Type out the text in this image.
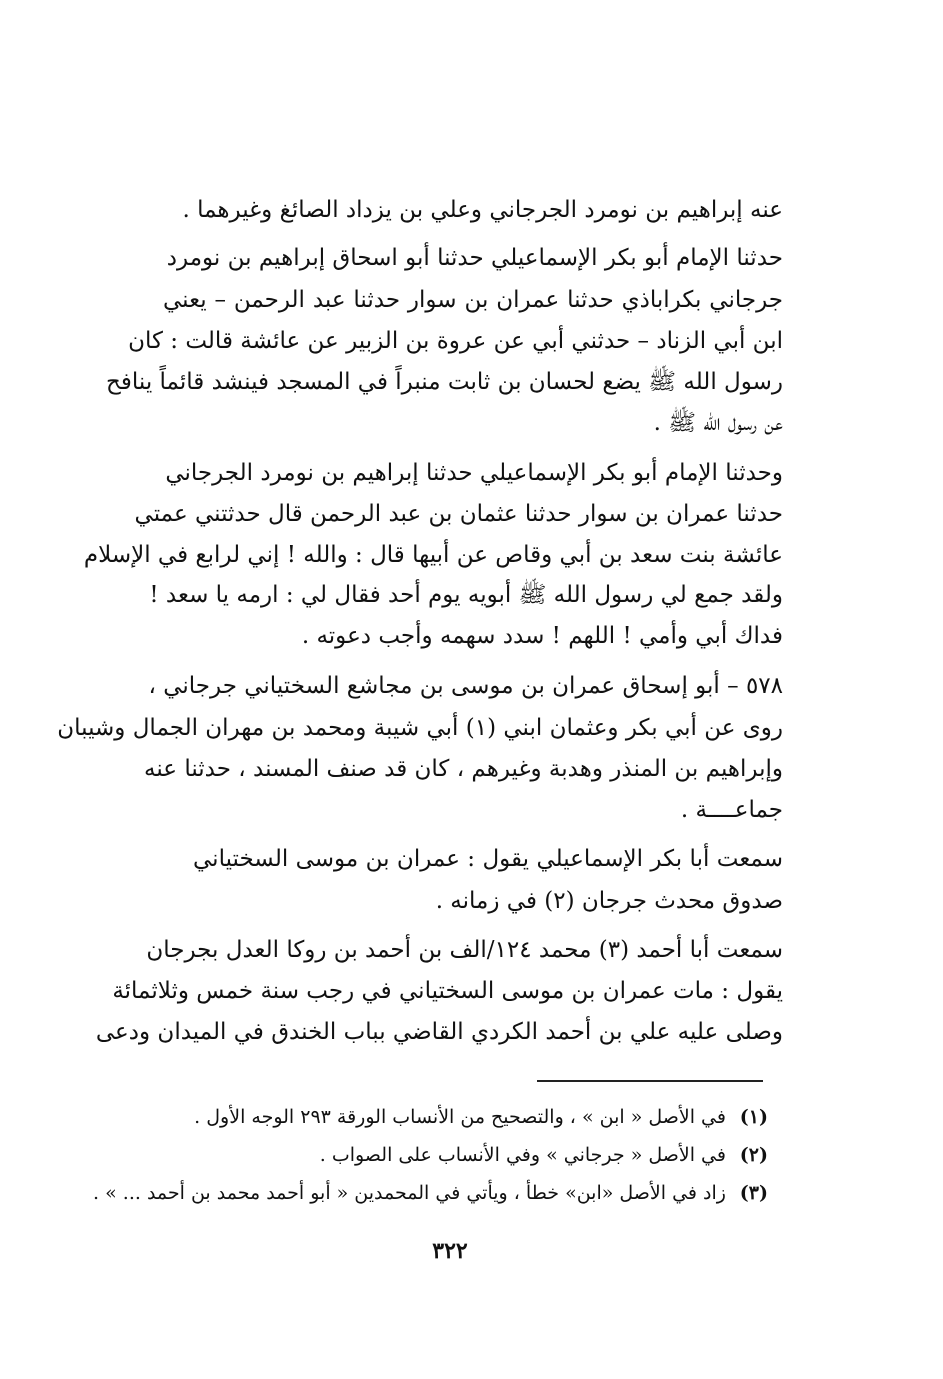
عنه إبراهيم بن نومرد الجرجاني وعلي بن يزداد الصائغ وغيرهما .
حدثنا الإمام أبو بكر الإسماعيلي حدثنا أبو اسحاق إبراهيم بن نومرد
جرجاني بكراباذي حدثنا عمران بن سوار حدثنا عبد الرحمن – يعني
ابن أبي الزناد – حدثني أبي عن عروة بن الزبير عن عائشة قالت : كان
رسول الله ﷺ يضع لحسان بن ثابت منبراً في المسجد فينشد قائماً ينافح
عن رسول الله ﷺ .
وحدثنا الإمام أبو بكر الإسماعيلي حدثنا إبراهيم بن نومرد الجرجاني
حدثنا عمران بن سوار حدثنا عثمان بن عبد الرحمن قال حدثتني عمتي
عائشة بنت سعد بن أبي وقاص عن أبيها قال : والله ! إني لرابع في الإسلام
ولقد جمع لي رسول الله ﷺ أبويه يوم أحد فقال لي : ارمه يا سعد !
فداك أبي وأمي ! اللهم ! سدد سهمه وأجب دعوته .
٥٧٨ – أبو إسحاق عمران بن موسى بن مجاشع السختياني جرجاني ،
روى عن أبي بكر وعثمان ابني (١) أبي شيبة ومحمد بن مهران الجمال وشيبان
وإبراهيم بن المنذر وهدبة وغيرهم ، كان قد صنف المسند ، حدثنا عنه
جماعــــة .
سمعت أبا بكر الإسماعيلي يقول : عمران بن موسى السختياني
صدوق محدث جرجان (٢) في زمانه .
سمعت أبا أحمد (٣) محمد ١٢٤/الف بن أحمد بن روكا العدل بجرجان
يقول : مات عمران بن موسى السختياني في رجب سنة خمس وثلاثمائة
وصلى عليه علي بن أحمد الكردي القاضي بباب الخندق في الميدان ودعى
(١) في الأصل « ابن » ، والتصحيح من الأنساب الورقة ٢٩٣ الوجه الأول .
(٢) في الأصل « جرجاني » وفي الأنساب على الصواب .
(٣) زاد في الأصل «ابن» خطأ ، ويأتي في المحمدين « أبو أحمد محمد بن أحمد ... » .
٣٢٢
